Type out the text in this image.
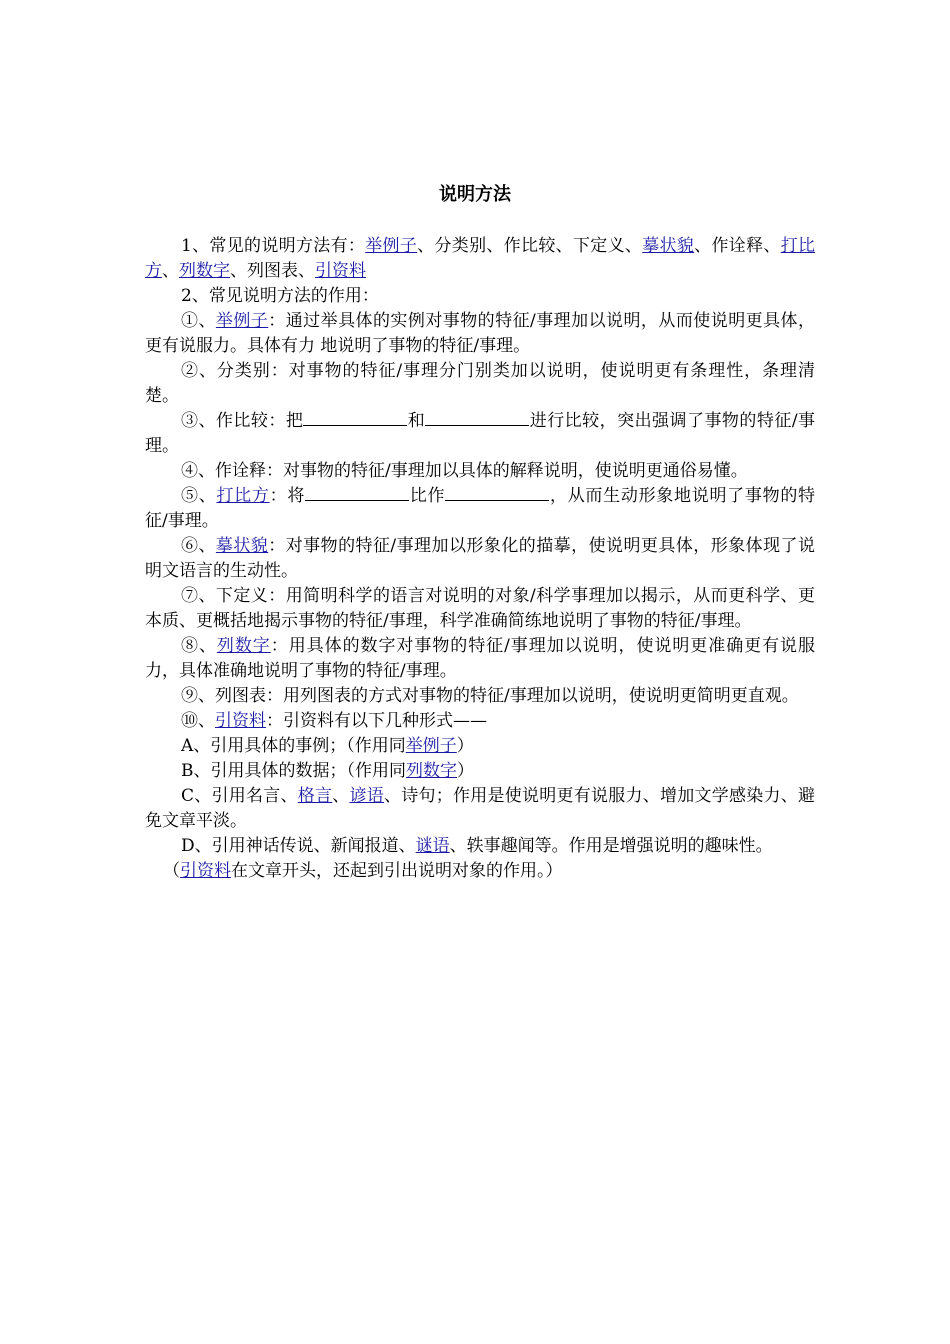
说明方法

1、常见的说明方法有：举例子、分类别、作比较、下定义、摹状貌、作诠释、打比方、列数字、列图表、引资料

2、常见说明方法的作用：

①、举例子：通过举具体的实例对事物的特征/事理加以说明，从而使说明更具体，更有说服力。具体有力 地说明了事物的特征/事理。

②、分类别：对事物的特征/事理分门别类加以说明，使说明更有条理性，条理清楚。

③、作比较：把	和	进行比较，突出强调了事物的特征/事理。

④、作诠释：对事物的特征/事理加以具体的解释说明，使说明更通俗易懂。

⑤、打比方：将	比作	，从而生动形象地说明了事物的特征/事理。

⑥、摹状貌：对事物的特征/事理加以形象化的描摹，使说明更具体，形象体现了说明文语言的生动性。

⑦、下定义：用简明科学的语言对说明的对象/科学事理加以揭示，从而更科学、更本质、更概括地揭示事物的特征/事理，科学准确简练地说明了事物的特征/事理。

⑧、列数字：用具体的数字对事物的特征/事理加以说明，使说明更准确更有说服力，具体准确地说明了事物的特征/事理。

⑨、列图表：用列图表的方式对事物的特征/事理加以说明，使说明更简明更直观。

⑩、引资料：引资料有以下几种形式——

A、引用具体的事例；（作用同举例子）

B、引用具体的数据；（作用同列数字）

C、引用名言、格言、谚语、诗句；作用是使说明更有说服力、增加文学感染力、避免文章平淡。

D、引用神话传说、新闻报道、谜语、轶事趣闻等。作用是增强说明的趣味性。

（引资料在文章开头，还起到引出说明对象的作用。）
